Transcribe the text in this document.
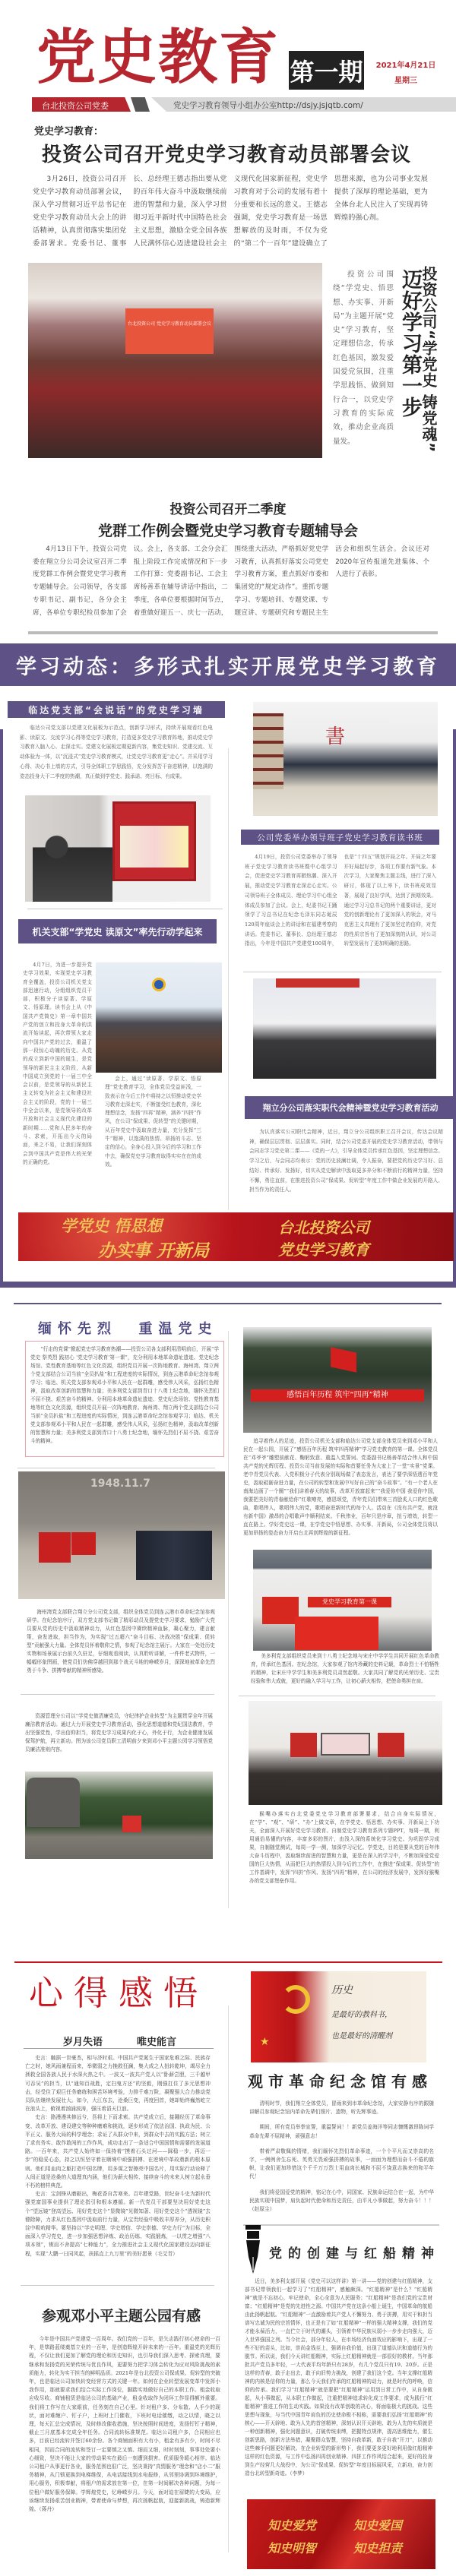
党史教育 第一期	2021年4月21日
星期三
台北投资公司党委	党史学习教育领导小组办公室http://dsjy.jsjqtb.com/
党史学习教育：
投资公司召开党史学习教育动员部署会议
3月26日，投资公司召开党史学习教育动员部署会议，深入学习贯彻习近平总书记在党史学习教育动员大会上的讲话精神，认真贯彻落实集团党委部署求。党委书记、董事长、总经理王德志指出要从党的百年伟大奋斗中汲取继续前进的智慧和力量，深入学习贯彻习近平新时代中国特色社会主义思想，激励全党全国各族人民满怀信心迈进建设社会主义现代化国家新征程，党史学习教育对于公司的发展有着十分重要和长远的意义。王德志强调，党史学习教育是一场思想解放的及时雨，不仅为党的“第二个一百年”建设确立了思想来源，也为公司事业发展提供了深厚的理论基础，更为全体台北人民注入了实现再铸辉煌的强心剂。
台北投资公司 党史学习教育动员部署会议
投资公司围绕“学党史、悟思想、办实事、开新局”为主题开展“党史”学习教育，坚定理想信念，传承红色基因，激发爱国爱党氛围，注重学思践悟、做到知行合一，以党史学习教育的实际成效，推动企业高质量发。
迈好学习第一步
投资公司“学党史 铸党魂”
投资公司召开二季度
党群工作例会暨党史学习教育专题辅导会
4月13日下午，投资公司党委在翔立分公司会议室召开二季度党群工作例会暨党史学习教育专题辅导会。公司领导，各支部专职书记、副书记，各分会主席，各单位专职纪检员参加了会议。会上，各支部、工会分会汇报上阶段工作完成情况和下一步工作打算：党委副书记、工会主席杨善革在辅导讲话中指出，二季度，各单位要根据时间节点，着重做好迎五一、庆七一活动，围绕重大活动，严格抓好党史学习教育，认真抓好落实公司党史学习教育方案，重点抓好市委和集团党的“规定动作”。重抓专题学习、专题培训、专题党课、专题宣讲、专题研究和专题民主生活会和组织生活会。会议还对2020年宣传报道先进集体、个人进行了表彰。
学习动态：多形式扎实开展党史学习教育
临达党支部“会说话”的党史学习墙
临达公司党支部以党建文化展板为示范点，创新学习形式，持续开展观看红色电影、读原文、交流学习心得等党史学习教育，打造更多党史学习教育阵地，推动党史学习教育入脑入心、走深走实。党建文化展板定期更新内容，集党史知识、党建交流、互动体验为一体，以“沉浸式”党史学习教育模式，让党史学习教育更“走心”。并采用学习心得、决心书上墙的方式，引导全体职工学思践悟，充分发挥苦干奋进精神，以饱满的姿态投身大干二季度的热潮，真正做到学党史、践承诺、亮目标、有成果。
机关支部“学党史 读原文”率先行动学起来
4月7日，为进一步提升党史学习效果，实现党史学习教育全覆盖，投资公司机关党支部迅速行动，分组组织党员干部，积极分子读原著、学原文、悟原理。读书会上从《中国共产党简史》第一章中国共产党的创立和投身大革命的洪流开始读起，再次带领大家走向中国共产党的过去，重温了那一段惊心动魄的历史。从党的成立到新中国的诞生，是党领导的新民主主义阶段，从新中国成立到党的十一届三中全会以前，是党领导的从新民主主义转变为社会主义和建设社会主义的阶段，党的十一届三中全会以来，是党领导的改革开放和社会主义现代化建设的新时期……党和人民多年的奋斗、求索，开拓出今天的局面，来之不易，让我们深刻体会到中国共产党是伟大的光荣的正确的党。
会上，通过“读原著、学原文、悟原理”党史教育学习，全体党员受益匪浅，一致表示在今后工作中将持之以恒推动党史学习教育走深走实，不断接受红色教育，深化理想信念，发扬“四再”精神，涵养“四拼”作风，在公司“保成果、促转型”的关键时期，从百年党史中汲取奋进力量，充分发挥“三牛”精神，以饱满的热情、昂扬的斗志、坚定的信心，全身心投入到今后的学习和工作中去，确保党史学习教育取得实实在在的成效。
書
公司党委举办领导班子党史学习教育读书班
4月19日，投资公司党委举办了领导班子党史学习教育读书班暨中心组学习会，促进党史学习教育再掀热潮、深入开展，推动党史学习教育走深走心走实。公司领导班子全体成员、理论学习中心组全体成员参加了会议。会上，纪委书记王踊领学了习总书记在纪念毛泽东同志诞辰120周年座谈会上的讲话和在福建考察的讲话。党委书记、董事长、总经理王德志指出，今年是中国共产党建党100周年，也是“十四五”规划开局之年。开局之年要开好局起好步，各项工作要有新气象。本次学习，大家聚焦主题主线，进行了深入研讨，体现了以上率下，读书班成效显著，展现了良好学风，达到了预期效果。通过学习习总书记的两个重要讲话，更对党的创新理论有了更加深入的领会，对马克思主义真理有了更加坚定的信仰，对党的性质宗旨有了更加深刻的认识，对公司转型发展有了更加明确的思路。
翔立分公司落实职代会精神暨党史学习教育活动
为认真落实公司职代会精神，近日，翔立分公司组织职工召开会议，传达会议精神，确保层层贯彻、层层落实。同时，结合公司党委开展的党史学习教育活动，带领与会同志学习党史第二课——《党的一大》，引导全体党员传承红色基因，坚定理想信念。学习之后，与会同志均表示：党的历史波澜壮阔，令人振奋，要把党的历史学习好、总结好、传承好、发扬好，切实从党史解读中汲取更多养分和不断前行的精神力量，坚持不懈，勇往直前，在推进投资公司“保成果、促转型”年度工作中做企业发展的开路人、担当作为的责任人。
学党史 悟思想
办实事 开新局
台北投资公司
党史学习教育
缅怀先烈  重温党史
“行走的党课”掀起党史学习教育热潮——投资公司各支部利用清明前后，开展“学党史 祭英烈 践初心 ‘党史学习教育’第一课”，充分利用本地革命遗址遗迹、党史纪念场馆、党性教育基地等红色文化资源，组织党员开展一次阵地教育。海州湾、翔立两个党支部结合公司当前“全员扒盐”和工程进度的实际情况，到连云港革命纪念馆参观学习；临达、机关党支部参观邓小平和人民在一起群雕，感受伟人风采，弘扬红色精神，汲取改革创新的智慧和力量；美多利党支部到青口十八勇士纪念地，缅怀先烈们不屈不挠、艰苦奋斗的精神。分利用本地革命遗址遗迹、党史纪念场馆、党性教育基地等红色文化资源，组织党员开展一次阵地教育。海州湾、翔立两个党支部结合公司当前“全员扒盐”和工程进度的实际情况，到连云港革命纪念馆参观学习；临达、机关党支部参观邓小平和人民在一起群雕，感受伟人风采，弘扬红色精神，汲取改革创新的智慧和力量；美多利党支部到青口十八勇士纪念地，缅怀先烈们不屈不挠、艰苦奋斗的精神。
感悟百年历程 筑牢“四再”精神
追寻着伟人的足迹，投资公司机关支部和临达公司党支部全体党员来到邓小平和人民在一起公园，开展了“感悟百年历程 筑牢四再精神”学习党史教育的第一课。全体党员在“邓爷爷”雕塑前献花、鞠躬致意、重温入党誓词。党委副书记杨善革结合伟人和中国共产党的光辉历程、投资公司当前发展的实际和首要任务为大家上了一堂“实景”党课。老中青党员代表、入党积极分子代表分别现场做了表态发言，表达了要学深悟透百年党史，汲取砥砺奋进力量，在公司的转型和发展中写好自己的“奋斗故事”。“有一个老人在南海边画了一个圈”“我们讲着春天的故事，改革开放富起来”“我爱你中国 我爱你中国，我要把美好的青春献给你”红歌嘹亮，感恩颂党，青年党员们带来三首脍炙人口的红色歌曲，歌唱伟人，歌唱伟大的党，歌唱奋进新时代的每个人。活动在《没有共产党，就没有新中国》激昂的合唱歌声中顺利结束。千秋伟业，百年只是序章，扭亏增效，转型一直在路上。学好党史这一课，在学党史中悟思想、办实事、开新局，公司全体党员将以更加昂扬的姿态奋力开启台北再创辉煌的新征程。
1948.11.7
海州湾党支部联合翔立分公司党支部，组织全体党员到连云港市革命纪念馆参观研学。在纪念馆序厅，双方党支部书记做了精彩动员及提党史学习要求，勉励广大党员要从党的历史中汲取精神动力，从红色基因中赓续精神血脉，凝心聚力，建言献策，奋发进取，担当作为，为实现“过五超六”奋斗目标、决战决胜“保成果、促转型”贡献强大力量。全体党员怀着敬仰之情，参观了纪念馆主展厅。大家在一处处历史实物和场景展示台前久久驻足，仔细观看阅读，认真聆听讲解，一件件老式物件，一幅幅形象图画，使党员们仿佛穿越回到那个战天斗地的峥嵘岁月，深深地被革命先烈勇于斗争、拼搏奉献的精神所感染。
资源管理分公司以“学党史做清廉党员，守纪律护企业转型”为主题贯穿全年开展廉洁教育活动。通过大力开展党史学习教育活动，强化思想道德和党纪国法教育，学出坚强党性，学出信仰担当，将党史学习成果内化于心，外化于行，为企业健康发展保驾护航，再立新功。图为该公司党员职工清明前夕来到邓小平主题公园学习领悟党员廉洁准则内容。
党史学习教育第一课
美多利党支部组织党员来到十八勇士纪念地与宋庄中学学生共同开展红色革命教育，传承红色基因。在纪念馆，大家参观了馆内珍藏的史料记载，革命烈士不怕牺牲的精神，让宋庄中学学生和美多利党员肃然起敬。大家共同了解党的光荣历史、宝贵经验和伟大成就，更好的融入学习与工作，让初心薪火相传，把使命勇担在肩。
猴嘴办落实台北党委党史学习教育部署要求，结合自身实际情况，在“学”、“观”、“研”、“办”上做文章，在学党史、悟思想、办实事、开新局上下功夫，全面深入开展好党史学习教育。自制党史学习教育系列专题PPT，每周一期，利用通俗易懂的内容，丰富多彩的图片，由浅入深的系统化学习党史。为巩固学习成果，自制随堂测试，每周一学一测，加深学习记忆。学党史，目的是要从党的百年伟大奋斗历程中，汲取继续前进的智慧和力量，更是在深入的学习中，不断加深爱党爱国的巨大热情，从而把巨大的热情投入到今后的工作中，在推进“保成果、促转型”的工作基调中，发挥“四拼”作风、发扬“四再”精神，在公司的经济发展中，发挥好猴嘴办的党支部堡垒作用。
心得感悟
★
历史
是最好的教科书，
也是最好的清醒剂
岁月失语	唯史能言

史言：触据一世豪杰，相与济时艰。中国共产党诞生于国家危难之际、民族存亡之时，她风雨兼程而来，举微弱之力挽救狂澜，集大成之人扭转乾坤，竭尽全力拯救全国各族人民于水深火热之中。一波又一波共产党人以“卧薪尝胆，三千越甲可吞吴”的担当，以“通知百战胜，定扫鬼方还”的坚毅，刚强扛住了多元思想冲击，经受住了艰巨任务磨练和困苦环境考验，力排千难万险，凝聚强大合力推动党员队伍继续发展壮大。如今，大江东去，沧桑巨变，再度回首，她却始终巍然屹立在浪头上，俯视着汹涌波涛，强压着滔天巨浪。

史言：路漫漫其修远兮，吾将上下而求索。共产党成立后，接踵经历了革命事变、改革开放、建设建交等种种磨难和挑战，逐步形成了依法治国、执政为民、公平正义、服务大局的科学理念；求证了从群众中来，到群众中去的实践方法；树立了求真务实、敢作敢闯的工作作风，成功走出了一条适合中国国情和需要的发展道路。一百年来，共产党人始终如一保持着“摸着石头过河——踩稳一步，再迈一步”的稳妥心态，持之以恒坚守着在顺境中顽强拼搏、在逆境中革故鼎新的根本原则。他们用血肉之躯打造中国名牌，用多谋之智擦亮中国名片，用实际行动诠释了人间正道是沧桑的大道理真内涵，他们为薪火相传、接续奋斗的未来人树立起永垂不朽的榜样典范。

史言：宝剑锋从磨砺出，梅花香自苦寒来。百年建党路，世纪奋斗史为新时代强党富国事业提供了理论指引和根本遵循。新一代党员干部要坚决用好党史这个“望远镜”登高望远、用好党史这个“显微镜”见微知著、用好党史这个“透视镜”去瞽除障，力求从红色基因中汲取前行力量，从宝贵经验中吸收丰厚养分，从历史积淀中吸吮精华。要坚持以“学史明理、学史增信、学史崇德、学史力行”为目标，全面深入学习党史，进一步加强思想淬炼、政治历练、实践锻炼，一以贯之增强“八项本领”，锲而不舍提高“七种能力”，全力推进社会主义现代化国家建设迈向新征程，实现“大鹏一日同风起，扶摇直上九万里”的美好愿景（毛艾青）

观市革命纪念馆有感

清明时节，我们翔立全体党员，冒雨来到市革命纪念馆，大家安静有序的跟随讲解员参观纪念馆内革命先辈们照片、遗物，听先辉事迹。

期间，所有党员举拳宣誓，重温誓词！！新党员姜海洋等同志慷慨激昂陈词学革命先辈不屈精神，顽强意志！

带着严肃敬佩的情绪，我们缅怀先烈们革命事迹，一个个平凡而又崇高的名字，一例例舍生忘死、英勇无畏顽强拼搏的故事，一面面为理想而奋斗不倦的旗帜，让我们更加珍惜这个千千万万烈士用血肉长城和不屈不饶意志换来的和平年代！

我们将爱国爱党的精神，铭记在心中，同国家、民族命运结合在一起，为中华民族实现中国梦，肩负起时代使命和历史责任，由平凡小事做起，努力奋斗！！！（赵原尘）

党的创建与红船精神
近日，美多利支部开展《党史可以这样讲》第一讲——党的创建与红船精神，支部书记带领我们一起学习了“红船精神”，感触颇深。“红船精神”是什么？“红船精神”就是不忘初心，牢记使命，全心全意为人民服务；“红船精神”是我们党的宝贵财富；“红船精神”是党的先进性之源。中国共产党在这条小船上诞生，中国革命的航船由此扬帆起航。“红船精神”一直激励着共产党人不懈努力、勇于拼搏，用实干和担当谱写忠诚为民的宗旨情怀，也正是有了如“红船精神”一样的强大精神支撑，我们的党才能永葆活力，一直伫立于时代的潮头，引领着中华民族从弱小一步步走向强大，迈入世界强国之列。当今社会，部分年轻人，在市场经济负面效应的影响下，出现了一些不好的苗头，比如，崇尚金钱至上，强调自我价值，出现了道德认识和道德行为的脱节。所以说，我们今天讲红船精神，实际上红船精神就是一部很好的教材。当年那批共产党员多年轻，一大代表平均年龄只有28岁，有几个党员只有19、20岁。正是这样的青春，敢于走出去，敢于向旧势力挑战，创建了我们这个党。当年支撑红船精神的内核是信仰的力量，那么今天我们传承的红船精神的动力，就是时代的呼唤，信仰的传承。我们学习“红船精神”就是要把“红船精神”运用到日常工作中，从自身做起，从小事做起，从本职工作做起，注重把精神追求转化成工作要求，成为践行“红船精神”推进工作的生动实践。如果没有改革创敢的决心，将面临极大的挑战。这些思想与现象，与当代中国青年肩负的历史使命极不相称，需要我们弘扬“红船精神”的核心——开天辟地、敢为人先的首创精神，深刻认识开天辟地、敢为人先的实质就是一种创新精神，强化问题意识，打破传统束缚，把握特点规律，提高思维能力，催生创新思路，创新方法举措，凝聚群众智慧，坚持自我革新，敢于自我“开刀”，以推动这些棘手问题更好解决。在企业转型的新形势下，我们要更多更好地利用像红船精神这样的红色资源，与工作中弘扬四再创业精神、四拼工作作风结合起来，更好的投身到生产经营几大战役中，为公司“保成果、促转型”年度目标展风采，立新功，奋力创造台北转型新奇迹。（李梦）
参观邓小平主题公园有感
今年是中国共产党建党一百周年。我们党的一百年，是矢志践行初心使命的一百年，是筚路蓝缕奠基立业的一百年，是创造辉煌开辟未来的一百年。重温党的光辉历程，不仅让我们更加了解党的理论和历史知识，也引导我们深入思考、探索真理，要继承和发扬党的光荣传统与优良作风，更要努力把学习体会转化为应对风险挑战的素质能力，转化为实干担当的鲜明品质。2021年是台北投资公司保成果、促转型的突破年，也是临达公司加快转变经营方式的关键一年。如何在企业转型发展变革中发挥小我作用，那就要求我们结合实际工作岗位，脚踏实地做好自己的本职工作。租金收取应收尽收。商铺租赁是临达公司的基础产业，租金收取作为闭环工作显得额外重要。我们将工作写在大家眼前，任务刻在自己心里。针对租户多、分布散、人手少的现状，面对难缠户、钉子户，上班时上门催收，下班时电话催缴，动之以情，晓之以理，每天汇总完成情况，及时修改催收措施，坚决按照时间进度，发扬钉钉子精神，截止三月底基本完成全年任务。合同流转标准规范。临达公司租户多，合同相应也多，目前已经流转并签订60余份。各个商铺面积有大有小，租金有多有少，时间不尽相同，因而合同的流转和签订一定要慎之又慎、细而又细，时时刻刻，事事处处要小心细致，坚决不能让大家的劳动果实在最后一刻遭到损害。优质服务暖心相伴。临达公司租户从事更行各业，服务范围也很广泛，坚决秉持“真情服务”理念和“店小二”服务精神，从门锁更换到电梯维保，从电话接线到水电报修，从邻里协调到环境维护，用心服务，积极奉献，将租户的需求放在第一位，在第一时间解决各种问题，为每一位租户做好服务保障。学辉煌党史，忆峥嵘岁月。今天，面对迫在眉睫的大变局，应该继续发扬艰苦创业精神，带着使命与梦想，再次扬帆起航，迎接新挑战，铸造新辉煌。（蒋丹）
知史爱党	知史爱国
知史明智	知史担责
